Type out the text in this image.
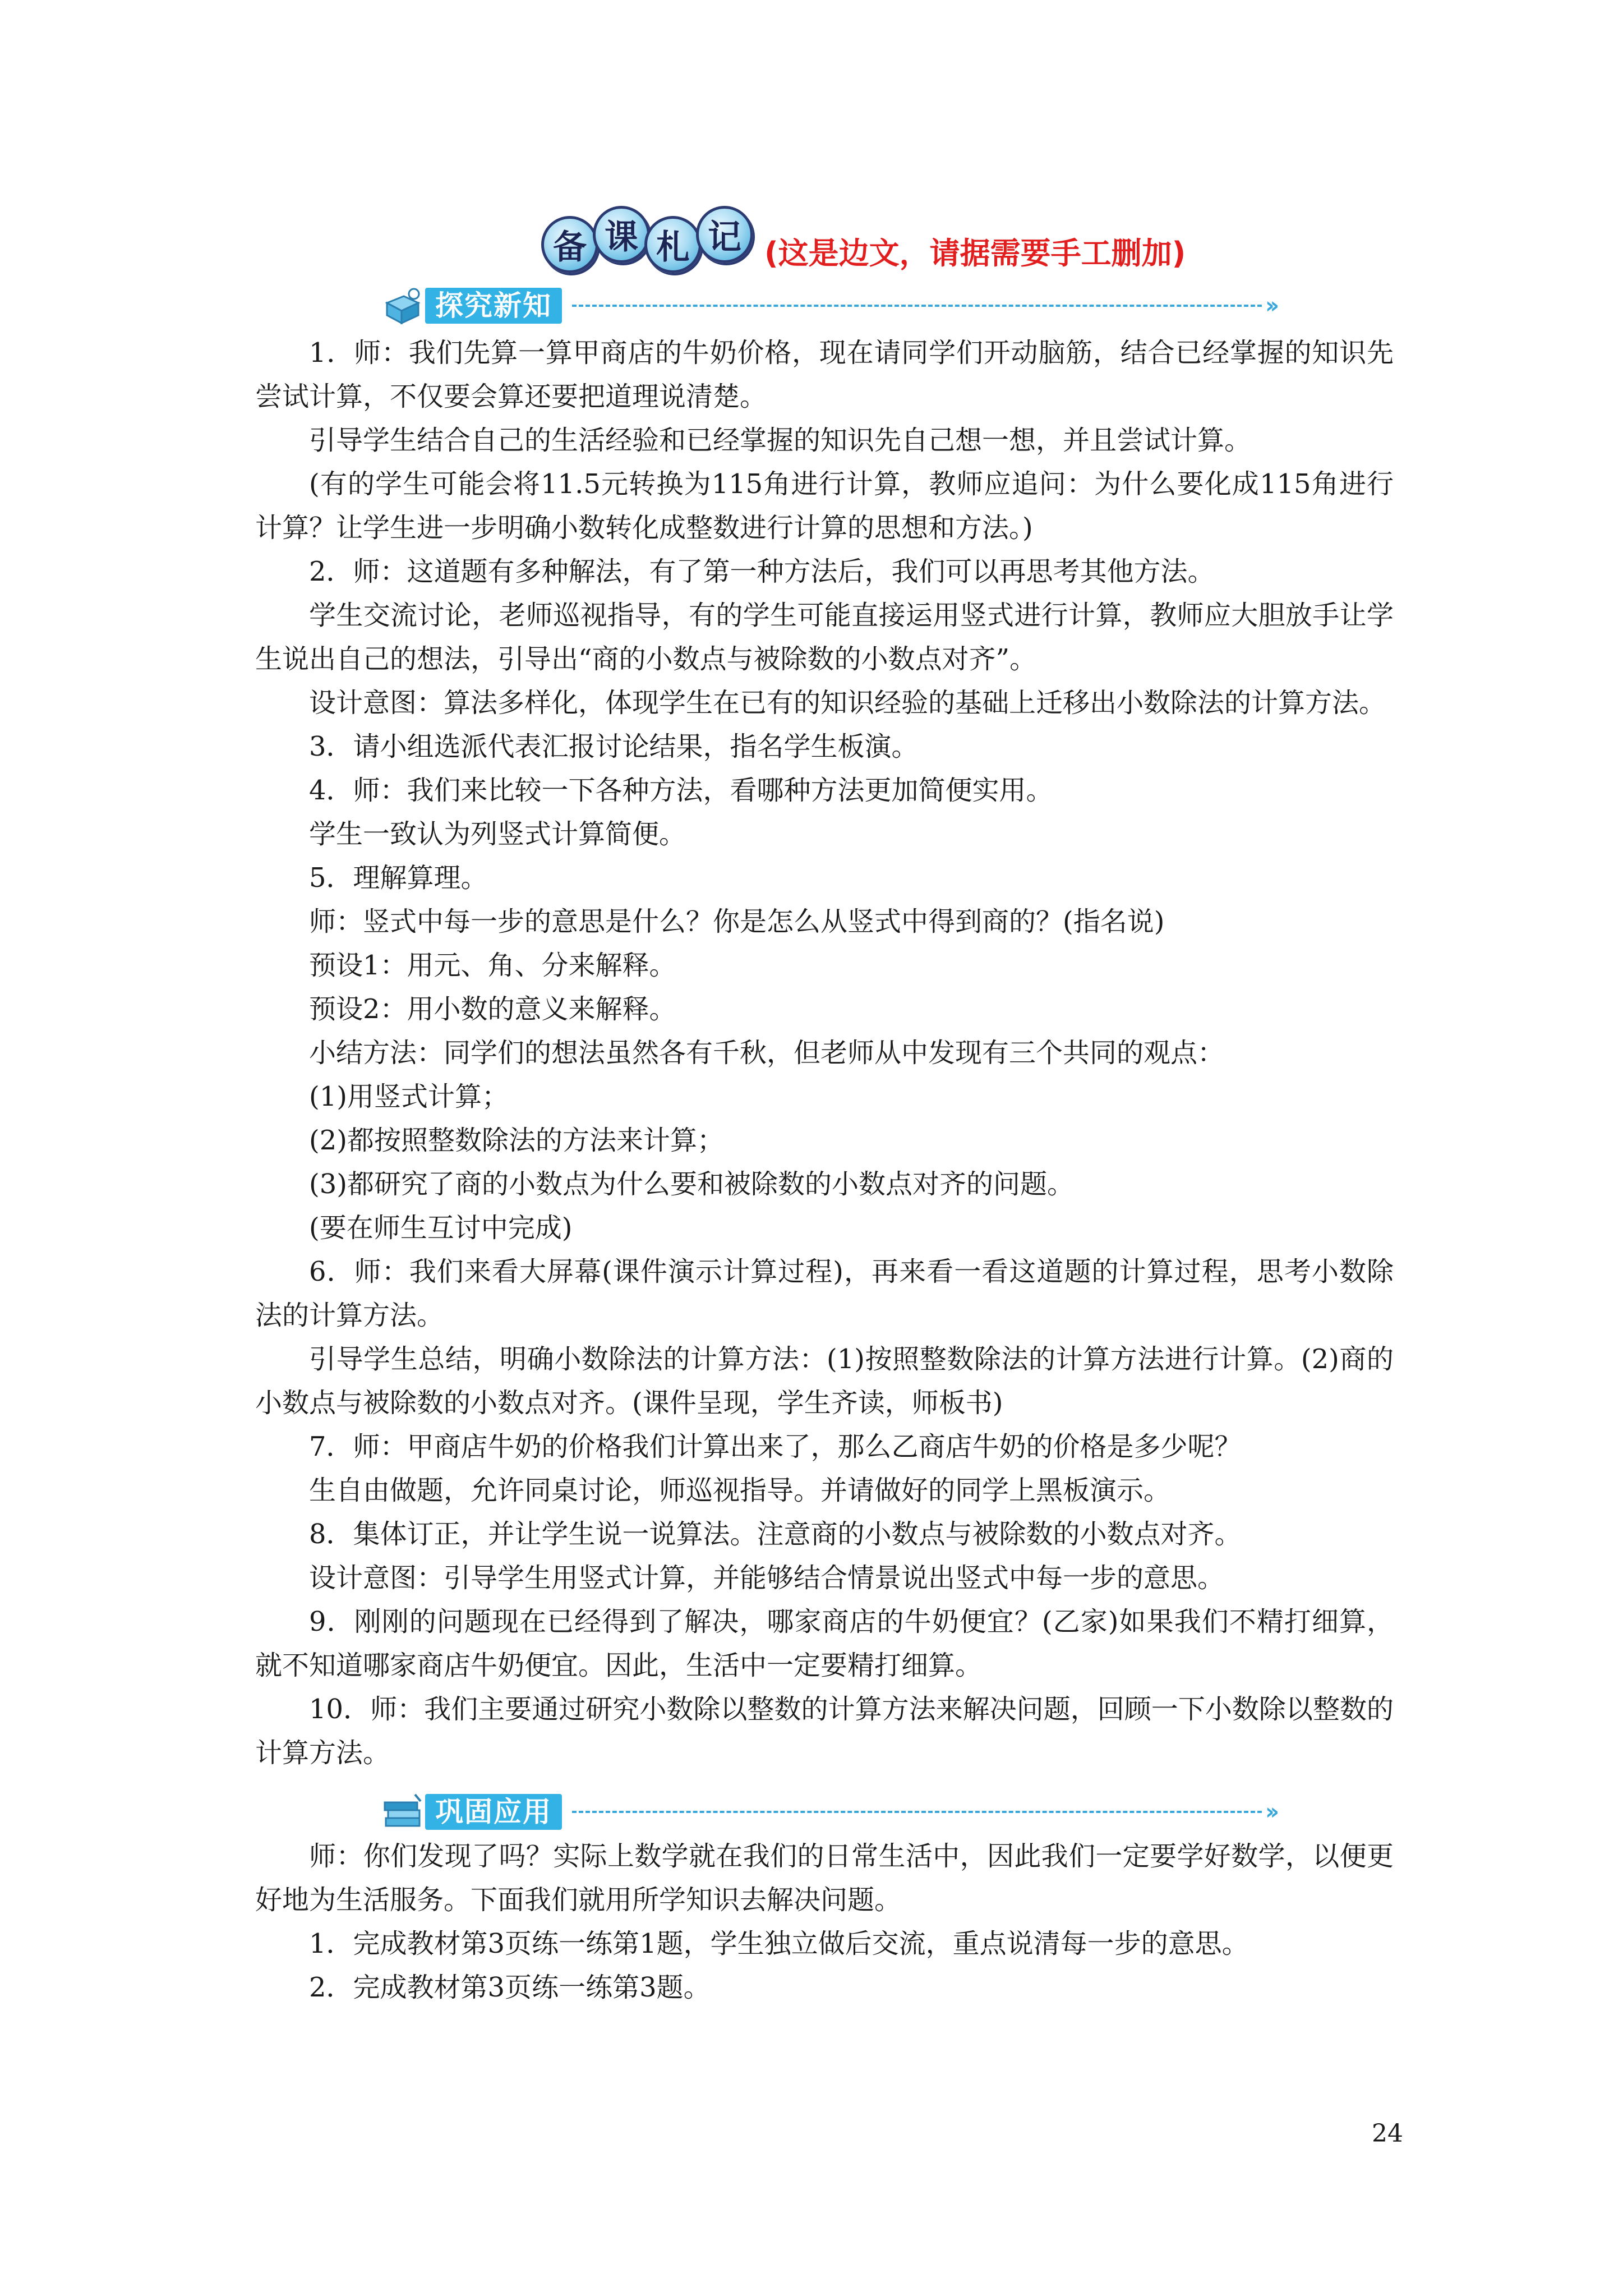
备 课 札 记 (这是边文，请据需要手工删加)
探究新知	››

1．师：我们先算一算甲商店的牛奶价格，现在请同学们开动脑筋，结合已经掌握的知识先尝试计算，不仅要会算还要把道理说清楚。

引导学生结合自己的生活经验和已经掌握的知识先自己想一想，并且尝试计算。

(有的学生可能会将11.5元转换为115角进行计算，教师应追问：为什么要化成115角进行计算？让学生进一步明确小数转化成整数进行计算的思想和方法。)

2．师：这道题有多种解法，有了第一种方法后，我们可以再思考其他方法。

学生交流讨论，老师巡视指导，有的学生可能直接运用竖式进行计算，教师应大胆放手让学生说出自己的想法，引导出“商的小数点与被除数的小数点对齐”。

设计意图：算法多样化，体现学生在已有的知识经验的基础上迁移出小数除法的计算方法。

3．请小组选派代表汇报讨论结果，指名学生板演。

4．师：我们来比较一下各种方法，看哪种方法更加简便实用。

学生一致认为列竖式计算简便。

5．理解算理。

师：竖式中每一步的意思是什么？你是怎么从竖式中得到商的？(指名说)

预设1：用元、角、分来解释。

预设2：用小数的意义来解释。

小结方法：同学们的想法虽然各有千秋，但老师从中发现有三个共同的观点：

(1)用竖式计算；

(2)都按照整数除法的方法来计算；

(3)都研究了商的小数点为什么要和被除数的小数点对齐的问题。

(要在师生互讨中完成)

6．师：我们来看大屏幕(课件演示计算过程)，再来看一看这道题的计算过程，思考小数除法的计算方法。

引导学生总结，明确小数除法的计算方法：(1)按照整数除法的计算方法进行计算。(2)商的小数点与被除数的小数点对齐。(课件呈现，学生齐读，师板书)

7．师：甲商店牛奶的价格我们计算出来了，那么乙商店牛奶的价格是多少呢？

生自由做题，允许同桌讨论，师巡视指导。并请做好的同学上黑板演示。

8．集体订正，并让学生说一说算法。注意商的小数点与被除数的小数点对齐。

设计意图：引导学生用竖式计算，并能够结合情景说出竖式中每一步的意思。

9．刚刚的问题现在已经得到了解决，哪家商店的牛奶便宜？(乙家)如果我们不精打细算，就不知道哪家商店牛奶便宜。因此，生活中一定要精打细算。

10．师：我们主要通过研究小数除以整数的计算方法来解决问题，回顾一下小数除以整数的计算方法。

巩固应用	››

师：你们发现了吗？实际上数学就在我们的日常生活中，因此我们一定要学好数学，以便更好地为生活服务。下面我们就用所学知识去解决问题。

1．完成教材第3页练一练第1题，学生独立做后交流，重点说清每一步的意思。

2．完成教材第3页练一练第3题。

24
